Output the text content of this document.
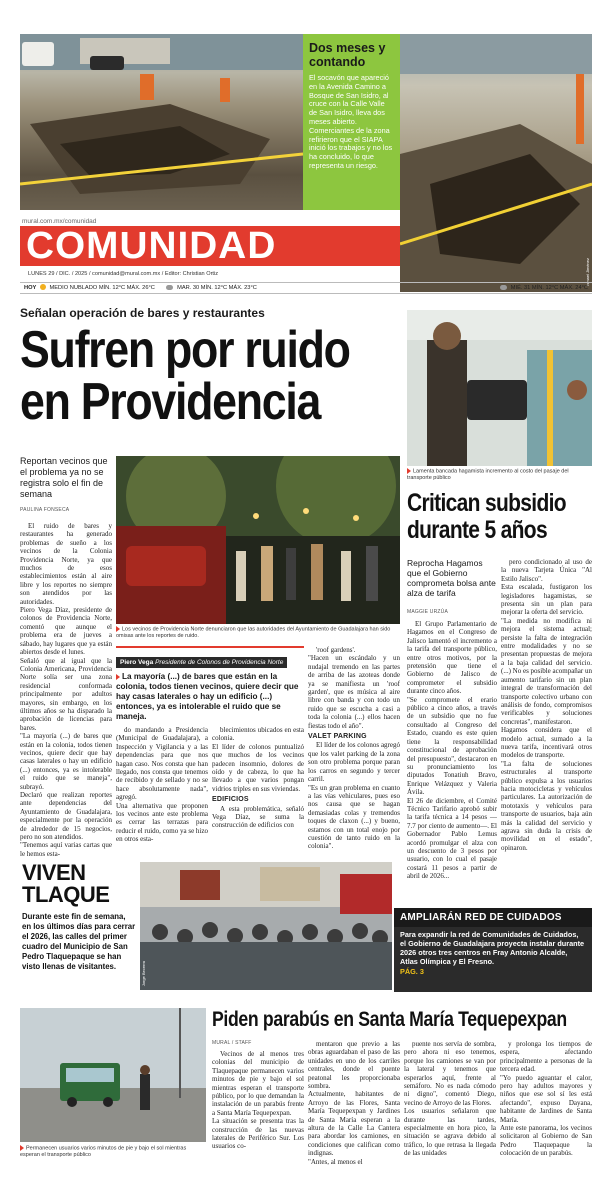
Dos meses y contando
El socavón que apareció en la Avenida Camino a Bosque de San Isidro, al cruce con la Calle Valle de San Isidro, lleva dos meses abierto. Comerciantes de la zona refirieron que el SIAPA inició los trabajos y no los ha concluido, lo que representa un riesgo.
Ismael Jiménez
mural.com.mx/comunidad
COMUNIDAD
LUNES 29 / DIC. / 2025 / comunidad@mural.com.mx / Editor: Christian Ortiz
HOY MEDIO NUBLADO MÍN. 12°C MÁX. 26°C	MAR. 30 MÍN. 12°C MÁX. 23°C	MIÉ. 31 MÍN. 12°C MÁX. 24°C
Señalan operación de bares y restaurantes
Sufren por ruido en Providencia
Reportan vecinos que el problema ya no se registra solo el fin de semana
PAULINA FONSECA
Los vecinos de Providencia Norte denunciaron que las autoridades del Ayuntamiento de Guadalajara han sido omisas ante los reportes de ruido.

El ruido de bares y restaurantes ha generado problemas de sueño a los vecinos de la Colonia Providencia Norte, ya que muchos de esos establecimientos están al aire libre y los reportes no siempre son atendidos por las autoridades.
Piero Vega Díaz, presidente de colonos de Providencia Norte, comentó que aunque el problema era de jueves a sábado, hay lugares que ya están abiertos desde el lunes.
Señaló que al igual que la Colonia Americana, Providencia Norte solía ser una zona residencial conformada principalmente por adultos mayores, sin embargo, en los últimos años se ha disparado la aprobación de licencias para bares.
"La mayoría (...) de bares que están en la colonia, todos tienen vecinos, quiere decir que hay casas laterales o hay un edificio (...) entonces, ya es intolerable el ruido que se maneja", subrayó.
Declaró que realizan reportes ante dependencias del Ayuntamiento de Guadalajara, especialmente por la operación de alrededor de 15 negocios, pero no son atendidos.
"Tenemos aquí varias cartas que le hemos esta-

Piero Vega Presidente de Colonos de Providencia Norte
La mayoría (...) de bares que están en la colonia, todos tienen vecinos, quiere decir que hay casas laterales o hay un edificio (...) entonces, ya es intolerable el ruido que se maneja.

do mandando a Presidencia (Municipal de Guadalajara), a Inspección y Vigilancia y a las dependencias para que nos hagan caso. Nos consta que han llegado, nos consta que tenemos de recibido y de sellado y no se hace absolutamente nada", agregó.
Una alternativa que proponen los vecinos ante este problema es cerrar las terrazas para reducir el ruido, como ya se hizo en otros esta-

blecimientos ubicados en esta colonia.
El líder de colonos puntualizó que muchos de los vecinos padecen insomnio, dolores de oído y de cabeza, lo que ha llevado a que varios pongan vidrios triples en sus viviendas.

EDIFICIOS

A esta problemática, señaló Vega Díaz, se suma la construcción de edificios con

'roof gardens'.
"Hacen un escándalo y un nudajal tremendo en las partes de arriba de las azoteas donde ya se manifiesta un 'roof garden', que es música al aire libre con banda y con todo un ruido que se escucha a casi a toda la colonia (...) ellos hacen fiestas todo el año".

VALET PARKING

El líder de los colonos agregó que los valet parking de la zona son otro problema porque paran los carros en segundo y tercer carril.
"Es un gran problema en cuanto a las vías vehiculares, pues eso nos causa que se hagan demasiadas colas y tremendos toques de claxon (...) y bueno, estamos con un total enojo por cuestión de tanto ruido en la colonia".

Lamenta bancada hagamista incremento al costo del pasaje del transporte público
Critican subsidio durante 5 años
Reprocha Hagamos que el Gobierno comprometa bolsa ante alza de tarifa
MAGGIE URZÚA

El Grupo Parlamentario de Hagamos en el Congreso de Jalisco lamentó el incremento a la tarifa del transporte público, entre otros motivos, por la pretensión que tiene el Gobierno de Jalisco de comprometer el subsidio durante cinco años.
"Se compromete el erario público a cinco años, a través de un subsidio que no fue consultado al Congreso del Estado, cuando es este quien tiene la responsabilidad constitucional de aprobación del presupuesto", destacaron en su pronunciamiento los diputados Tonatiuh Bravo, Enrique Velázquez y Valeria Ávila.
El 26 de diciembre, el Comité Técnico Tarifario aprobó subir la tarifa técnica a 14 pesos —7.7 por ciento de aumento—. El Gobernador Pablo Lemus acordó promulgar el alza con un descuento de 3 pesos por usuario, con lo cual el pasaje costará 11 pesos a partir de abril de 2026...

pero condicionado al uso de la nueva Tarjeta Única "Al Estilo Jalisco".
Esta escalada, fustigaron los legisladores hagamistas, se presenta sin un plan para mejorar la oferta del servicio.
"La medida no modifica ni mejora el sistema actual; persiste la falta de integración entre modalidades y no se presentan propuestas de mejora a la baja calidad del servicio. (...) No es posible acompañar un aumento tarifario sin un plan integral de transformación del transporte colectivo urbano con análisis de fondo, compromisos verificables y soluciones concretas", manifestaron.
Hagamos considera que el modelo actual, sumado a la nueva tarifa, incentivará otros modelos de transporte.
"La falta de soluciones estructurales al transporte público expulsa a los usuarios hacia motocicletas y vehículos particulares. La autorización de mototaxis y vehículos para transporte de usuarios, baja aún más la calidad del servicio y agrava sin duda la crisis de movilidad en el estado", opinaron.

VIVEN
TLAQUE
Durante este fin de semana, en los últimos días para cerrar el 2026, las calles del primer cuadro del Municipio de San Pedro Tlaquepaque se han visto llenas de visitantes.	Jorge Becerra
AMPLIARÁN RED DE CUIDADOS
Para expandir la red de Comunidades de Cuidados, el Gobierno de Guadalajara proyecta instalar durante 2026 otros tres centros en Fray Antonio Alcalde, Atlas Olímpica y El Fresno.
PÁG. 3
Permanecen usuarios varios minutos de pie y bajo el sol mientras esperan el transporte público
Piden parabús en Santa María Tequepexpan
MURAL / STAFF

Vecinos de al menos tres colonias del municipio de Tlaquepaque permanecen varios minutos de pie y bajo el sol mientras esperan el transporte público, por lo que demandan la instalación de un parabús frente a Santa María Tequepexpan.
La situación se presenta tras la construcción de las nuevas laterales de Periférico Sur. Los usuarios co-

mentaron que previo a las obras aguardaban el paso de las unidades en uno de los carriles centrales, donde el puente peatonal les proporcionaba sombra.
Actualmente, habitantes de Arroyo de las Flores, Santa María Tequepexpan y Jardines de Santa María esperan a la altura de la Calle La Cantera para abordar los camiones, en condiciones que califican como indignas.
"Antes, al menos el

puente nos servía de sombra, pero ahora ni eso tenemos, porque los camiones se van por la lateral y tenemos que esperarlos aquí, frente al semáforo. No es nada cómodo ni digno", comentó Diego, vecino de Arroyo de las Flores.
Los usuarios señalaron que durante las tardes, especialmente en hora pico, la situación se agrava debido al tráfico, lo que retrasa la llegada de las unidades

y prolonga los tiempos de espera, afectando principalmente a personas de la tercera edad.
"Yo puedo aguantar el calor, pero hay adultos mayores y niños que ese sol sí les está afectando", expuso Dayana, habitante de Jardines de Santa María.
Ante este panorama, los vecinos solicitaron al Gobierno de San Pedro Tlaquepaque la colocación de un parabús.
